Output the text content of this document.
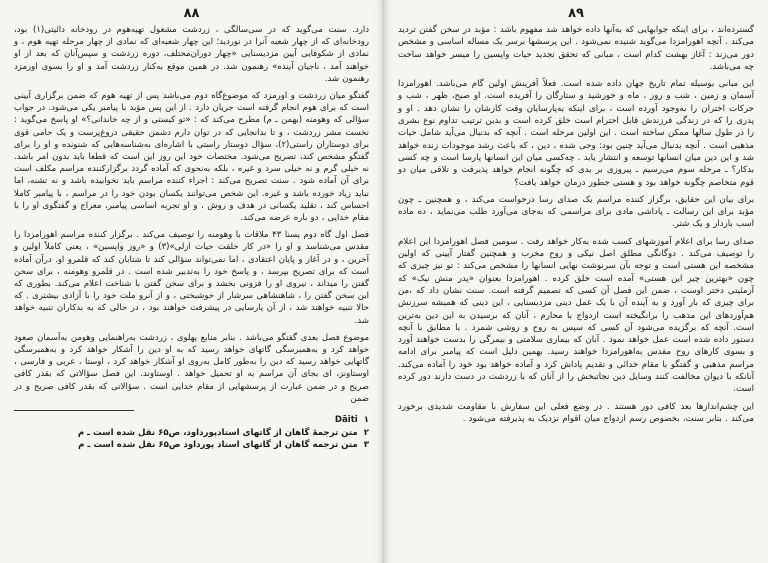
۸۸

دارد. سنت می‌گوید که در سی‌سالگی ، زردشت مشغول تهیه‌هوم در رودخانه دائیتی(۱) بود، رودخانه‌ای که از چهار شعبه آنرا در نوردید؛ این چهار شعبه‌ای که نمادی از چهار مرحله تهیه هوم ، و نمادی از شکوفایی آیین مزدیسنایی «چهار دوران‌مختلف، دوره زردشت و سپس‌آنان که بعد از او خواهند آمد ، ناجیان آینده» رهنمون شد. در همین موقع به‌کنار زردشت آمد و او را بسوی اورمزد رهنمون شد.

گفتگو میان زردشت و اورمزد که موضوع‌گاه دوم می‌باشد پس از تهیه هوم که ضمن برگزاری آیینی است که برای هوم انجام گرفته است جریان دارد . از این پس مؤبد با پیامبر یکی می‌شود. در جواب سؤالی که وهومنه (بهمن ـ م) مطرح می‌کند که : «تو کیستی و از چه خاندانی؟» او پاسخ می‌گوید : نخست مشر زردشت ، و تا بدانجایی که در توان دارم دشمن حقیقی دروغ‌پرست و یک حامی قوی برای دوستاران راستی(۲)، سؤال دوستار راستی با اشاره‌ای به‌شناسه‌هایی که شنونده و او را برای گفتگو مشخص کند، تصریح می‌شود. مختصات خود این روز این است که قطعا باید بدون امر باشد. نه خیلی گرم و نه خیلی سرد و غیره ، بلکه به‌نحوی که آماده گردد برگزارکننده مراسم مکلف است برای آن آماده شود . سنت تصریح می‌کند : اجراء کننده مراسم باید نخوابیده باشد و نه تشنه، اما نباید زیاد خورده باشد و غیره. این شخص می‌توانند یکسان بودن خود را در مراسم ، با پیامبر کاملا احساس کند ، تقلید یکسانی در هدف و روش ، و او تجربه اساسی پیامبر، معراج و گفتگوی او را با مقام خدایی ، دو باره عرضه می‌کند.

فصل اول گاه دوم یسنا ۴۳ ملاقات با وهومنه را توصیف می‌کند . برگزار کننده مراسم اهورامزدا را مقدس می‌شناسد و او را «در کار خلقت حیات ازلی»(۳) و «روز واپسین» ، یعنی کاملاً اولین و آخرین ، و در آغاز و پایان اعتقادی ، اما نمی‌تواند سؤالی کند تا شتابان کند که قلمرو او. درآن آماده است که برای تصریح بپرسد ، و پاسخ خود را به‌تدبیر شده است . در قلمرو وهومنه ، برای سخن گفتن را میداند ، نیروی او را فزونی بخشد و برای سخن گفتن با شناخت اعلام می‌کند. بطوری که این سخن گفتن را ، شاهنشاهی سرشار از خوشبختی ، و از آنرو ملت خود را با آزادی بیشتری . که حالا تنبیه خواهند شد ، از آن پارسایی در پیشرفت خواهند بود ، در حالی که به بدکاران تنبیه خواهد شد.

موضوع فصل بعدی گفتگو می‌باشد . بنابر منابع پهلوی ، زردشت به‌راهنمایی وهومن به‌آسمان صعود خواهد کرد و به‌همبرسگی گاتهای خواهد رسید که به او دین را آشکار خواهد کرد و به‌همبرسگی گاتهایی خواهد رسید که دین را به‌طور کامل به‌روی او آشکار خواهد کرد ، اوستا ، عربی و فارسی ، اوستاونز، ای بجای آن مراسم به او تحمیل خواهد . اوستا‌وند. این فصل سؤالاتی که بقدر کافی صریح و در ضمن عبارت از پرسشهایی از مقام خدایی است . سؤالاتی که بقدر کافی صریح و در ضمن

۱
Dāiti
۲
متن ترجمهٔ گاهان از گاتهای استادپورداود، ص۶۵ نقل شده است ـ م
۳
متن ترجمه گاهان از گاتهای استاد پورداود ص۶۵ نقل شده است ـ م
۸۹

گسترده‌اند ، برای اینکه جوابهایی که به‌آنها داده خواهد شد مفهوم باشد : مؤبد در سخن گفتن تردید می‌کند . آنچه اهورامزدا می‌گوید شنیده نمی‌شود . این پرسشها برسر یک مساله اساسی و مشخص دور می‌زند : آغاز بهشت کدام است ، مبانی که تحقق تجدید حیات واپسین را میسر خواهد ساخت چه می‌باشد.

این مبانی بوسیله تمام تاریخ جهان داده شده است. فعلاً آفرینش اولین گام می‌باشد. اهورامزدا آسمان و زمین ، شب و روز ، ماه و خورشید و ستارگان را آفریده است. او صبح، ظهر ، شب و حرکات اختران را به‌وجود آورده است ، برای اینکه به‌پارسایان وقت کارشان را نشان دهد . او و پدری را که در زندگی فرزندش قابل احترام است خلق کرده است و بدین ترتیب تداوم نوع بشری را در طول سالها ممکن ساخته است . این اولین مرحله است . آنچه که بدنبال می‌آید شامل حیات مذهبی است . آنچه بدنبال می‌آید چنین بود: وحی شده ، دین ، که باعث رشد موجودات زنده خواهد شد و این دین میان انسانها توسعه و انتشار یابد . چه‌کسی میان این انسانها پارسا است و چه کسی بدکار؟ ـ مرحله سوم می‌رسیم ـ پیروزی بر بدی که چگونه انجام خواهد پذیرفت و تلاقی میان دو قوم متخاصم چگونه خواهد بود و هستی جطور درمان خواهد یافت؟

برای بیان این حقایق، برگزار کننده مراسم یک صدای رسا درخواست می‌کند ، و همچنین ـ چون مؤبد برای این رسالت ـ پاداشی مادی برای مراسمی که به‌جای می‌آورد طلب می‌نماید ، ده ماده اسب باردار و یک شتر.

صدای رسا برای اعلام آموزشهای کسب شده به‌کار خواهد رفت . سومین فصل اهورامزدا این اعلام را توصیف می‌کند . دوگانگی مطلق اصل نیکی و روح مخرب و همچنین گفتار آیینی که اولین مشخصه این هستی است و توجه بآن سرنوشت نهایی انسانها را مشخص می‌کند : تو نیز چیزی که چون «بهترین چیز این هستی» آمده است خلق کرده . اهورامزدا بعنوان «پدر منش نیک» که آرمئیتی دختر اوست ، ضمن این فصل آن کسی که تصمیم گرفته است. سنت نشان داد که ،من برای چیزی که بار آورد و به آینده آن با یک عمل دینی مزدیسنایی ، این دینی که همیشه سرزنش هم‌آوردهای این مذهب را برانگیخته است ازدواج با محارم ، آنان که برسیدن به این دین به‌ترین است. آنچه که برگزیده می‌شود آن کسی که سپس به روح و روشی شمرد . با مطابق با آنچه دستور داده شده است عمل خواهد نمود . آنان که بیماری سلامتی و بیمرگی را بدست خواهند آورد و بسوی کارهای روح مقدس به‌اهورامزدا خواهند رسید. بهمین دلیل است که پیامبر برای ادامه مراسم مذهبی و گفتگو با مقام خدائی و تقدیم پاداش کرد و آماده خواهد بود خود را آماده می‌کند. آنانکه با دیوان مخالفت کنند وسایل دین نجاتبخش را از آنان که با زردشت در دست دارند دور کرده است.

این چشم‌اندازها بعد کافی دور هستند . در وضع فعلی این سفارش با مقاومت شدیدی برخورد می‌کند . بنابر سنت، بخصوص رسم ازدواج میان اقوام نزدیک به پذیرفته می‌شود .
